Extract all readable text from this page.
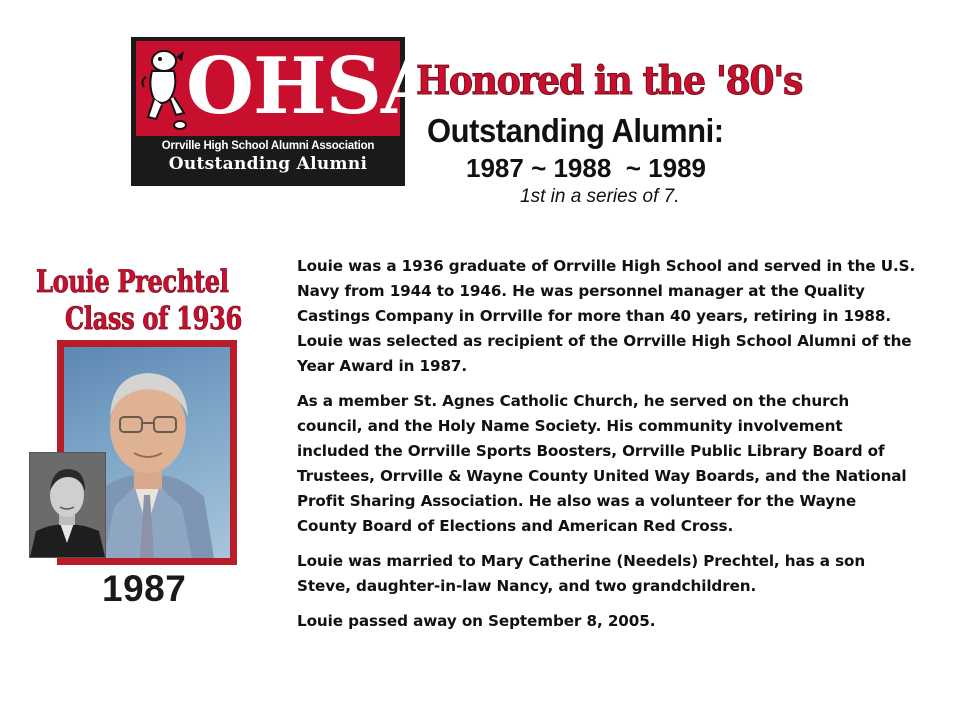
OHSAA
Orrville High School Alumni Association
Outstanding Alumni
Honored in the '80's
Outstanding Alumni:
1987 ~ 1988  ~ 1989
1st in a series of 7.
Louie Prechtel
Class of 1936
1987

Louie was a 1936 graduate of Orrville High School and served in the U.S. Navy from 1944 to 1946. He was personnel manager at the Quality Castings Company in Orrville for more than 40 years, retiring in 1988. Louie was selected as recipient of the Orrville High School Alumni of the Year Award in 1987.

As a member St. Agnes Catholic Church, he served on the church council, and the Holy Name Society. His community involvement included the Orrville Sports Boosters, Orrville Public Library Board of Trustees, Orrville & Wayne County United Way Boards, and the National Profit Sharing Association. He also was a volunteer for the Wayne County Board of Elections and American Red Cross.

Louie was married to Mary Catherine (Needels) Prechtel, has a son Steve, daughter-in-law Nancy, and two grandchildren.

Louie passed away on September 8, 2005.
